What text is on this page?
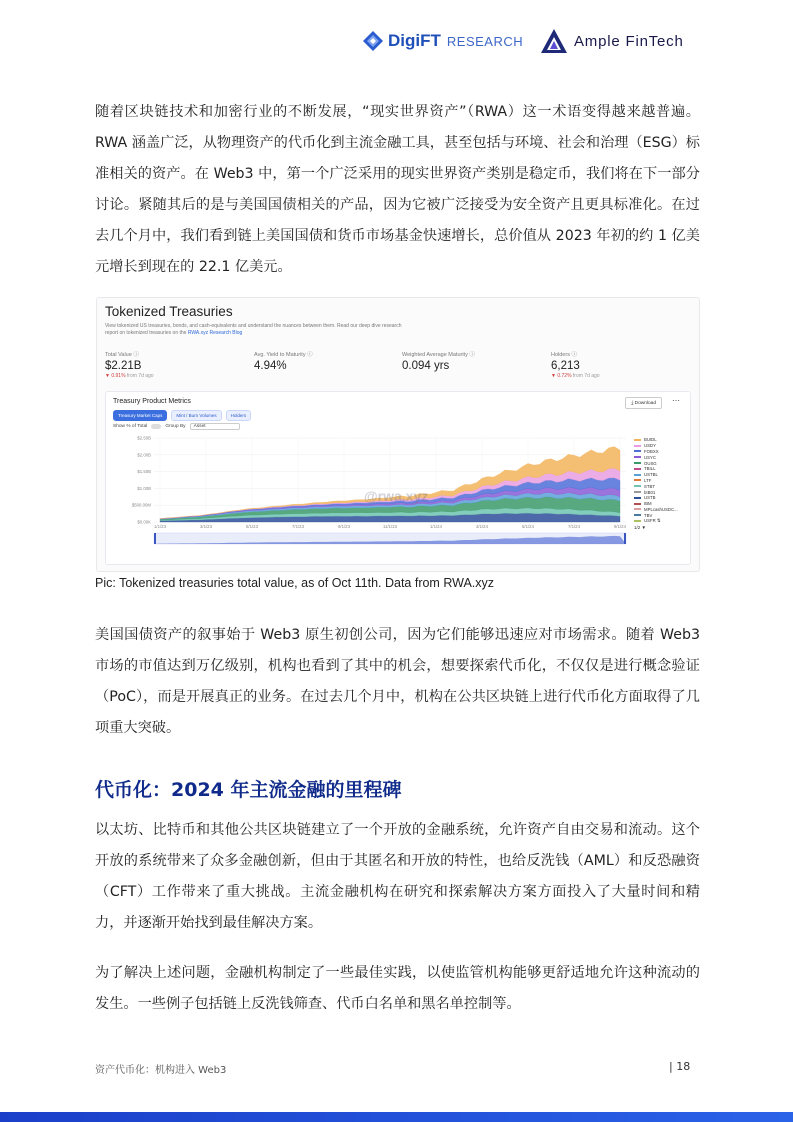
DigiFT RESEARCH	Ample FinTech

随着区块链技术和加密行业的不断发展，“现实世界资产”（RWA）这一术语变得越来越普遍。RWA 涵盖广泛，从物理资产的代币化到主流金融工具，甚至包括与环境、社会和治理（ESG）标准相关的资产。在 Web3 中，第一个广泛采用的现实世界资产类别是稳定币，我们将在下一部分讨论。紧随其后的是与美国国债相关的产品，因为它被广泛接受为安全资产且更具标准化。在过去几个月中，我们看到链上美国国债和货币市场基金快速增长，总价值从 2023 年初的约 1 亿美元增长到现在的 22.1 亿美元。

Tokenized Treasuries
View tokenized US treasuries, bonds, and cash-equivalents and understand the nuances between them. Read our deep dive research report on tokenized treasuries on the RWA.xyz Research Blog
Total Value ⓘ
$2.21B
▼ 0.91% from 7d ago
Avg. Yield to Maturity ⓘ
4.94%
Weighted Average Maturity ⓘ
0.094 yrs
Holders ⓘ
6,213
▼ 0.72% from 7d ago
Treasury Product Metrics	⤓ Download	⋯
Treasury Market Caps	Mint / Burn Volumes	Holders
Show % of Total	Group By	Asset
$2.50B
$2.00B
$1.50B
$1.00B
$500.00M
$0.00K
1/1/23	3/1/23	5/1/23	7/1/23	9/1/23	11/1/23	1/1/24	3/1/24	5/1/24	7/1/24	9/1/24
@rwa.xyz
BUIDL
USDY
FOBXX
USYC
OUSG
TBILL
USTBL
LTF
STBT
bIB01
USTB
IBM
MPLcashUSDC...
TBV
USFR ⇅
1/2 ▼

Pic: Tokenized treasuries total value, as of Oct 11th. Data from RWA.xyz

美国国债资产的叙事始于 Web3 原生初创公司，因为它们能够迅速应对市场需求。随着 Web3 市场的市值达到万亿级别，机构也看到了其中的机会，想要探索代币化，不仅仅是进行概念验证（PoC），而是开展真正的业务。在过去几个月中，机构在公共区块链上进行代币化方面取得了几项重大突破。

代币化：2024 年主流金融的里程碑

以太坊、比特币和其他公共区块链建立了一个开放的金融系统，允许资产自由交易和流动。这个开放的系统带来了众多金融创新，但由于其匿名和开放的特性，也给反洗钱（AML）和反恐融资（CFT）工作带来了重大挑战。主流金融机构在研究和探索解决方案方面投入了大量时间和精力，并逐渐开始找到最佳解决方案。

为了解决上述问题，金融机构制定了一些最佳实践，以使监管机构能够更舒适地允许这种流动的发生。一些例子包括链上反洗钱筛查、代币白名单和黑名单控制等。

资产代币化：机构进入 Web3	| 18
